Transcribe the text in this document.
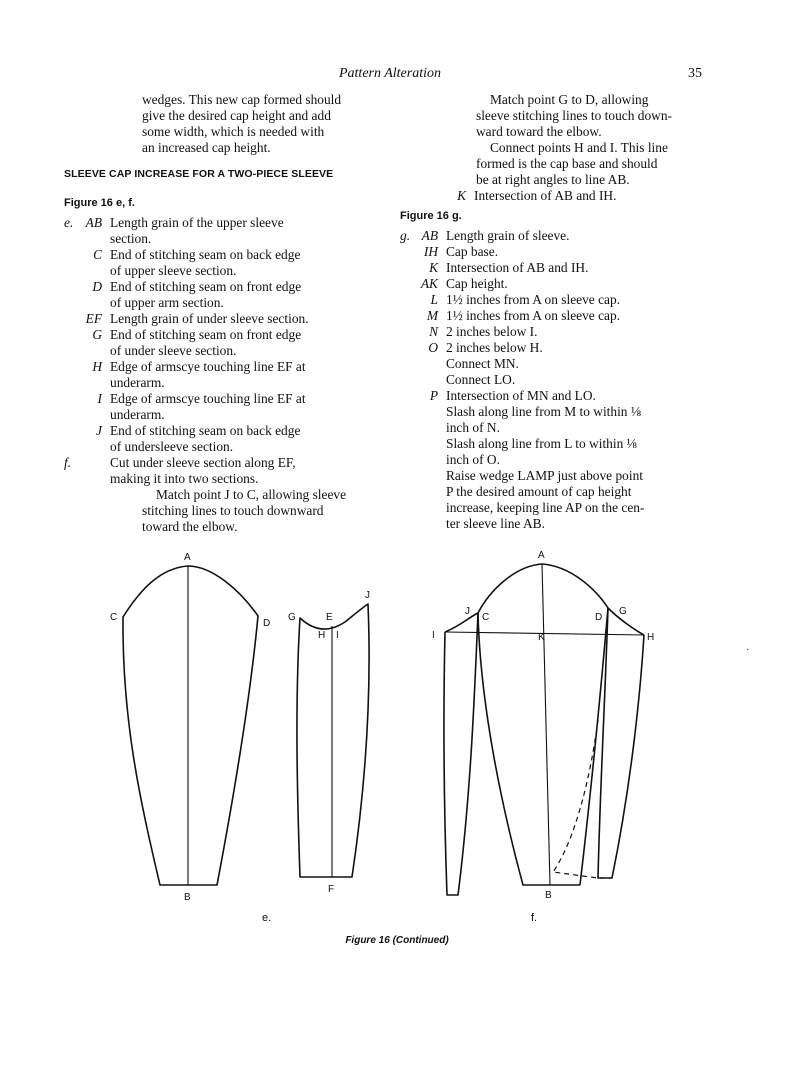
Pattern Alteration	35
wedges. This new cap formed should
give the desired cap height and add
some width, which is needed with
an increased cap height.
SLEEVE CAP INCREASE FOR A TWO-PIECE SLEEVE
Figure 16 e, f.
e. AB Length grain of the upper sleeve
section.
C End of stitching seam on back edge
of upper sleeve section.
D End of stitching seam on front edge
of upper arm section.
EF Length grain of under sleeve section.
G End of stitching seam on front edge
of under sleeve section.
H Edge of armscye touching line EF at
underarm.
I Edge of armscye touching line EF at
underarm.
J End of stitching seam on back edge
of undersleeve section.
f.	Cut under sleeve section along EF,
making it into two sections.
Match point J to C, allowing sleeve
stitching lines to touch downward
toward the elbow.
Match point G to D, allowing
sleeve stitching lines to touch down-
ward toward the elbow.
Connect points H and I. This line
formed is the cap base and should
be at right angles to line AB.
K Intersection of AB and IH.
Figure 16 g.
g. AB Length grain of sleeve.
IH Cap base.
K Intersection of AB and IH.
AK Cap height.
L 1½ inches from A on sleeve cap.
M 1½ inches from A on sleeve cap.
N 2 inches below I.
O 2 inches below H.
Connect MN.
Connect LO.
P Intersection of MN and LO.
Slash along line from M to within ⅛
inch of N.
Slash along line from L to within ⅛
inch of O.
Raise wedge LAMP just above point
P the desired amount of cap height
increase, keeping line AP on the cen-
ter sleeve line AB.
A
B
C
D
G	E
J
H I
F
A
J
C	D
G
I	K	H
B
·
e.	f.
Figure 16 (Continued)
